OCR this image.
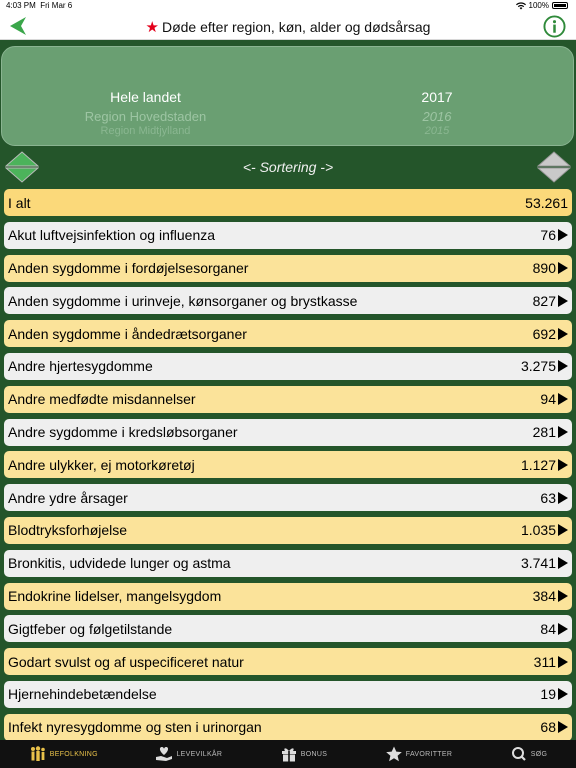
4:03 PM Fri Mar 6	100%
★ Døde efter region, køn, alder og dødsårsag
Hele landet	2017
Region Hovedstaden	2016
Region Midtjylland	2015
<- Sortering ->
I alt	53.261
Akut luftvejsinfektion og influenza	76
Anden sygdomme i fordøjelsesorganer	890
Anden sygdomme i urinveje, kønsorganer og brystkasse	827
Anden sygdomme i åndedrætsorganer	692
Andre hjertesygdomme	3.275
Andre medfødte misdannelser	94
Andre sygdomme i kredsløbsorganer	281
Andre ulykker, ej motorkøretøj	1.127
Andre ydre årsager	63
Blodtryksforhøjelse	1.035
Bronkitis, udvidede lunger og astma	3.741
Endokrine lidelser, mangelsygdom	384
Gigtfeber og følgetilstande	84
Godart svulst og af uspecificeret natur	311
Hjernehindebetændelse	19
Infekt nyresygdomme og sten i urinorgan	68
BEFOLKNING	LEVEVILKÅR	BONUS	FAVORITTER	SØG
